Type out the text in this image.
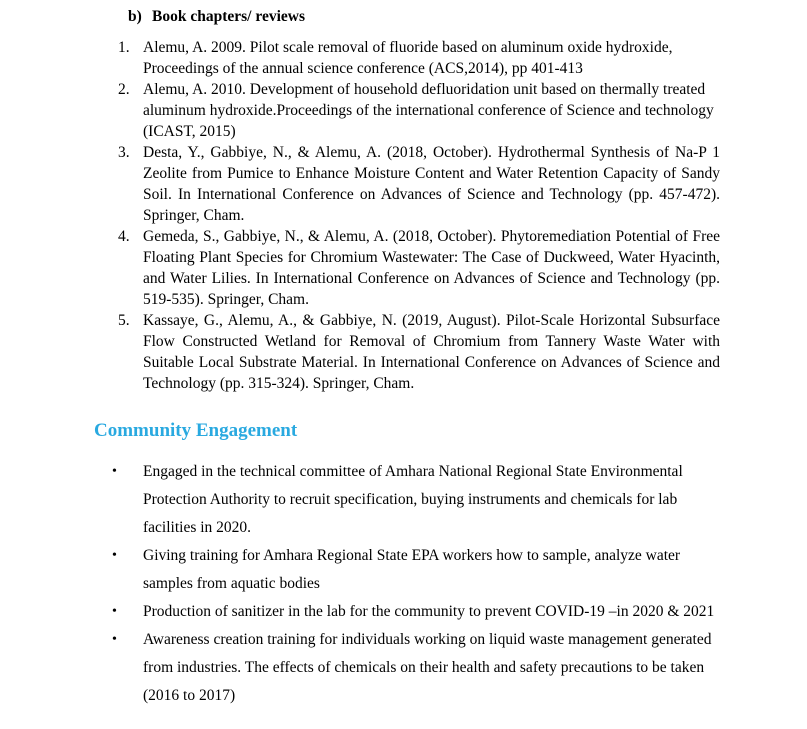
b) Book chapters/ reviews
1. Alemu, A. 2009. Pilot scale removal of fluoride based on aluminum oxide hydroxide, Proceedings of the annual science conference (ACS,2014), pp 401-413
2. Alemu, A. 2010. Development of household defluoridation unit based on thermally treated aluminum hydroxide.Proceedings of the international conference of Science and technology (ICAST, 2015)
3. Desta, Y., Gabbiye, N., & Alemu, A. (2018, October). Hydrothermal Synthesis of Na-P 1 Zeolite from Pumice to Enhance Moisture Content and Water Retention Capacity of Sandy Soil. In International Conference on Advances of Science and Technology (pp. 457-472). Springer, Cham.
4. Gemeda, S., Gabbiye, N., & Alemu, A. (2018, October). Phytoremediation Potential of Free Floating Plant Species for Chromium Wastewater: The Case of Duckweed, Water Hyacinth, and Water Lilies. In International Conference on Advances of Science and Technology (pp. 519-535). Springer, Cham.
5. Kassaye, G., Alemu, A., & Gabbiye, N. (2019, August). Pilot-Scale Horizontal Subsurface Flow Constructed Wetland for Removal of Chromium from Tannery Waste Water with Suitable Local Substrate Material. In International Conference on Advances of Science and Technology (pp. 315-324). Springer, Cham.
Community Engagement
•	Engaged in the technical committee of Amhara National Regional State Environmental Protection Authority to recruit specification, buying instruments and chemicals for lab facilities in 2020.
•	Giving training for Amhara Regional State EPA workers how to sample, analyze water samples from aquatic bodies
•	Production of sanitizer in the lab for the community to prevent COVID-19 –in 2020 & 2021
•	Awareness creation training for individuals working on liquid waste management generated from industries. The effects of chemicals on their health and safety precautions to be taken (2016 to 2017)
